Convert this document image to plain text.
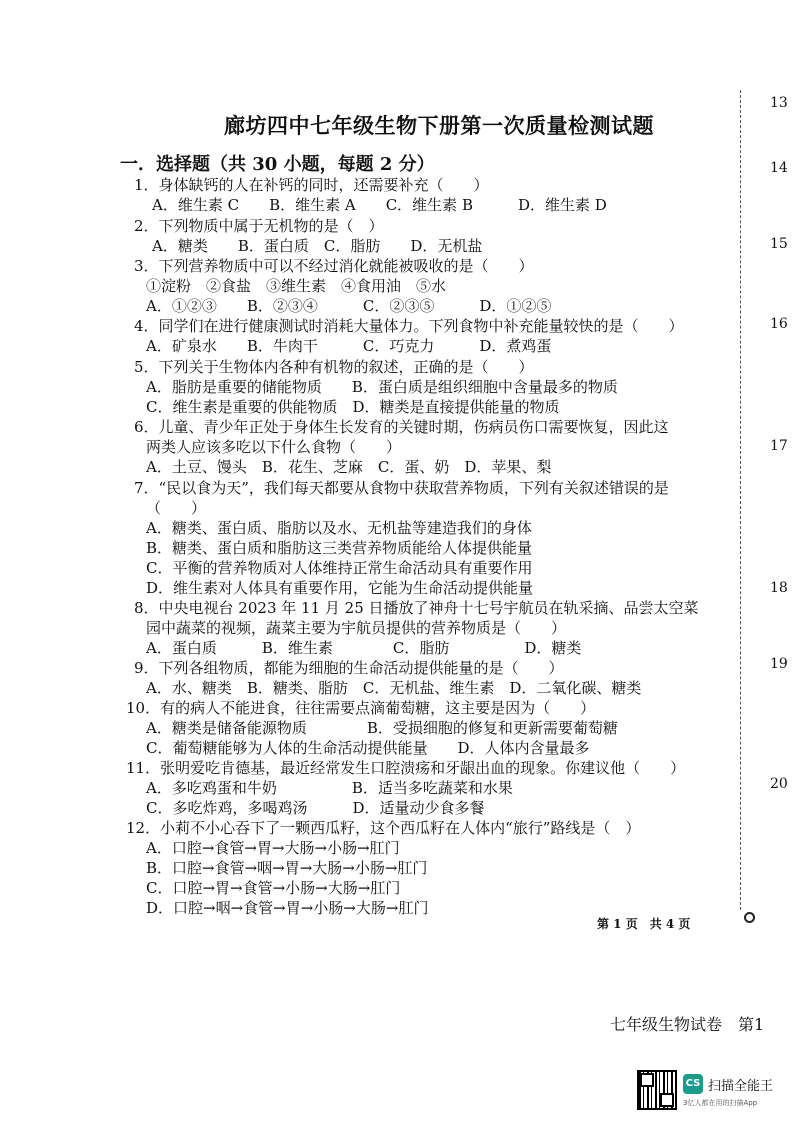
廊坊四中七年级生物下册第一次质量检测试题
一．选择题（共 30 小题，每题 2 分）
1．身体缺钙的人在补钙的同时，还需要补充（　　）
A．维生素 C　　B．维生素 A　　C．维生素 B　　　D．维生素 D
2．下列物质中属于无机物的是（　）
A．糖类　　B．蛋白质　C．脂肪　　D．无机盐
3．下列营养物质中可以不经过消化就能被吸收的是（　　）
①淀粉　②食盐　③维生素　④食用油　⑤水
A．①②③　　B．②③④　　　C．②③⑤　　　D．①②⑤
4．同学们在进行健康测试时消耗大量体力。下列食物中补充能量较快的是（　　）
A．矿泉水　　B．牛肉干　　　C．巧克力　　　D．煮鸡蛋
5．下列关于生物体内各种有机物的叙述，正确的是（　　）
A．脂肪是重要的储能物质　　B．蛋白质是组织细胞中含量最多的物质
C．维生素是重要的供能物质　D．糖类是直接提供能量的物质
6．儿童、青少年正处于身体生长发育的关键时期，伤病员伤口需要恢复，因此这
两类人应该多吃以下什么食物（　　）
A．土豆、馒头　B．花生、芝麻　C．蛋、奶　D．苹果、梨
7．“民以食为天”，我们每天都要从食物中获取营养物质，下列有关叙述错误的是
（　　）
A．糖类、蛋白质、脂肪以及水、无机盐等建造我们的身体
B．糖类、蛋白质和脂肪这三类营养物质能给人体提供能量
C．平衡的营养物质对人体维持正常生命活动具有重要作用
D．维生素对人体具有重要作用，它能为生命活动提供能量
8．中央电视台 2023 年 11 月 25 日播放了神舟十七号宇航员在轨采摘、品尝太空菜
园中蔬菜的视频，蔬菜主要为宇航员提供的营养物质是（　　）
A．蛋白质　　　B．维生素　　　　C．脂肪　　　　　D．糖类
9．下列各组物质，都能为细胞的生命活动提供能量的是（　　）
A．水、糖类　B．糖类、脂肪　C．无机盐、维生素　D．二氧化碳、糖类
10．有的病人不能进食，往往需要点滴葡萄糖，这主要是因为（　　）
A．糖类是储备能源物质　　　　B．受损细胞的修复和更新需要葡萄糖
C．葡萄糖能够为人体的生命活动提供能量　　D．人体内含量最多
11．张明爱吃肯德基，最近经常发生口腔溃疡和牙龈出血的现象。你建议他（　　）
A．多吃鸡蛋和牛奶　　　　　B．适当多吃蔬菜和水果
C．多吃炸鸡，多喝鸡汤　　　D．适量动少食多餐
12．小莉不小心吞下了一颗西瓜籽，这个西瓜籽在人体内“旅行”路线是（　）
A．口腔→食管→胃→大肠→小肠→肛门
B．口腔→食管→咽→胃→大肠→小肠→肛门
C．口腔→胃→食管→小肠→大肠→肛门
D．口腔→咽→食管→胃→小肠→大肠→肛门
第 1 页　共 4 页
13
14
15
16
17
18
19
20
七年级生物试卷　第1
CS 扫描全能王
3亿人都在用的扫描App
